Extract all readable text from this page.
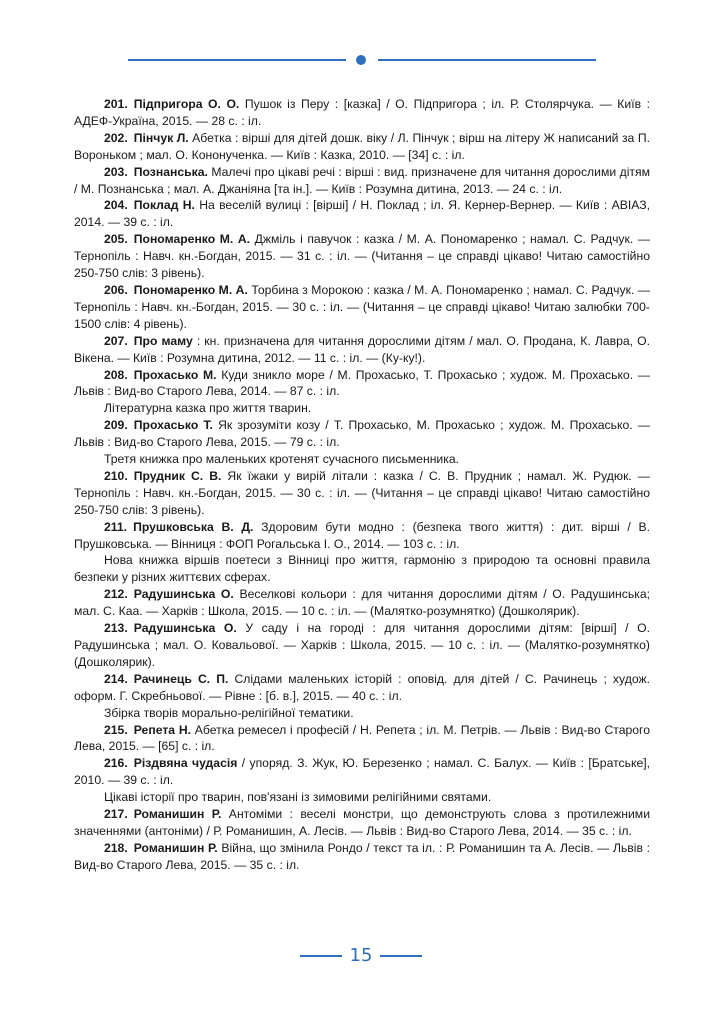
201. Підпригора О. О. Пушок із Перу : [казка] / О. Підпригора ; іл. Р. Столярчука. — Київ : АДЕФ-Україна, 2015. — 28 с. : іл.
202. Пінчук Л. Абетка : вірші для дітей дошк. віку / Л. Пінчук ; вірш на літеру Ж написаний за П. Вороньком ; мал. О. Кононученка. — Київ : Казка, 2010. — [34] с. : іл.
203. Познанська. Малечі про цікаві речі : вірші : вид. призначене для читання дорослими дітям / М. Познанська ; мал. А. Джаніяна [та ін.]. — Київ : Розумна дитина, 2013. — 24 с. : іл.
204. Поклад Н. На веселій вулиці : [вірші] / Н. Поклад ; іл. Я. Кернер-Вернер. — Київ : АВІАЗ, 2014. — 39 с. : іл.
205. Пономаренко М. А. Джміль і павучок : казка / М. А. Пономаренко ; намал. С. Радчук. — Тернопіль : Навч. кн.-Богдан, 2015. — 31 с. : іл. — (Читання – це справді цікаво! Читаю самостійно 250-750 слів: 3 рівень).
206. Пономаренко М. А. Торбина з Морокою : казка / М. А. Пономаренко ; намал. С. Радчук. — Тернопіль : Навч. кн.-Богдан, 2015. — 30 с. : іл. — (Читання – це справді цікаво! Читаю залюбки 700-1500 слів: 4 рівень).
207. Про маму : кн. призначена для читання дорослими дітям / мал. О. Продана, К. Лавра, О. Вікена. — Київ : Розумна дитина, 2012. — 11 с. : іл. — (Ку-ку!).
208. Прохасько М. Куди зникло море / М. Прохасько, Т. Прохасько ; худож. М. Прохасько. — Львів : Вид-во Старого Лева, 2014. — 87 с. : іл.
Літературна казка про життя тварин.
209. Прохасько Т. Як зрозуміти козу / Т. Прохасько, М. Прохасько ; худож. М. Прохасько. — Львів : Вид-во Старого Лева, 2015. — 79 с. : іл.
Третя книжка про маленьких кротенят сучасного письменника.
210. Прудник С. В. Як їжаки у вирій літали : казка / С. В. Прудник ; намал. Ж. Рудюк. — Тернопіль : Навч. кн.-Богдан, 2015. — 30 с. : іл. — (Читання – це справді цікаво! Читаю самостійно 250-750 слів: 3 рівень).
211. Прушковська В. Д. Здоровим бути модно : (безпека твого життя) : дит. вірші / В. Прушковська. — Вінниця : ФОП Рогальська І. О., 2014. — 103 с. : іл.
Нова книжка віршів поетеси з Вінниці про життя, гармонію з природою та основні правила безпеки у різних життєвих сферах.
212. Радушинська О. Веселкові кольори : для читання дорослими дітям / О. Радушинська; мал. С. Каа. — Харків : Школа, 2015. — 10 с. : іл. — (Малятко-розумнятко) (Дошколярик).
213. Радушинська О. У саду і на городі : для читання дорослими дітям: [вірші] / О. Радушинська ; мал. О. Ковальової. — Харків : Школа, 2015. — 10 с. : іл. — (Малятко-розумнятко) (Дошколярик).
214. Рачинець С. П. Слідами маленьких історій : оповід. для дітей / С. Рачинець ; худож. оформ. Г. Скребньової. — Рівне : [б. в.], 2015. — 40 с. : іл.
Збірка творів морально-релігійної тематики.
215. Репета Н. Абетка ремесел і професій / Н. Репета ; іл. М. Петрів. — Львів : Вид-во Старого Лева, 2015. — [65] с. : іл.
216. Різдвяна чудасія / упоряд. З. Жук, Ю. Березенко ; намал. С. Балух. — Київ : [Братське], 2010. — 39 с. : іл.
Цікаві історії про тварин, пов'язані із зимовими релігійними святами.
217. Романишин Р. Антоміми : веселі монстри, що демонструють слова з протилежними значеннями (антоніми) / Р. Романишин, А. Лесів. — Львів : Вид-во Старого Лева, 2014. — 35 с. : іл.
218. Романишин Р. Війна, що змінила Рондо / текст та іл. : Р. Романишин та А. Лесів. — Львів : Вид-во Старого Лева, 2015. — 35 с. : іл.
15
